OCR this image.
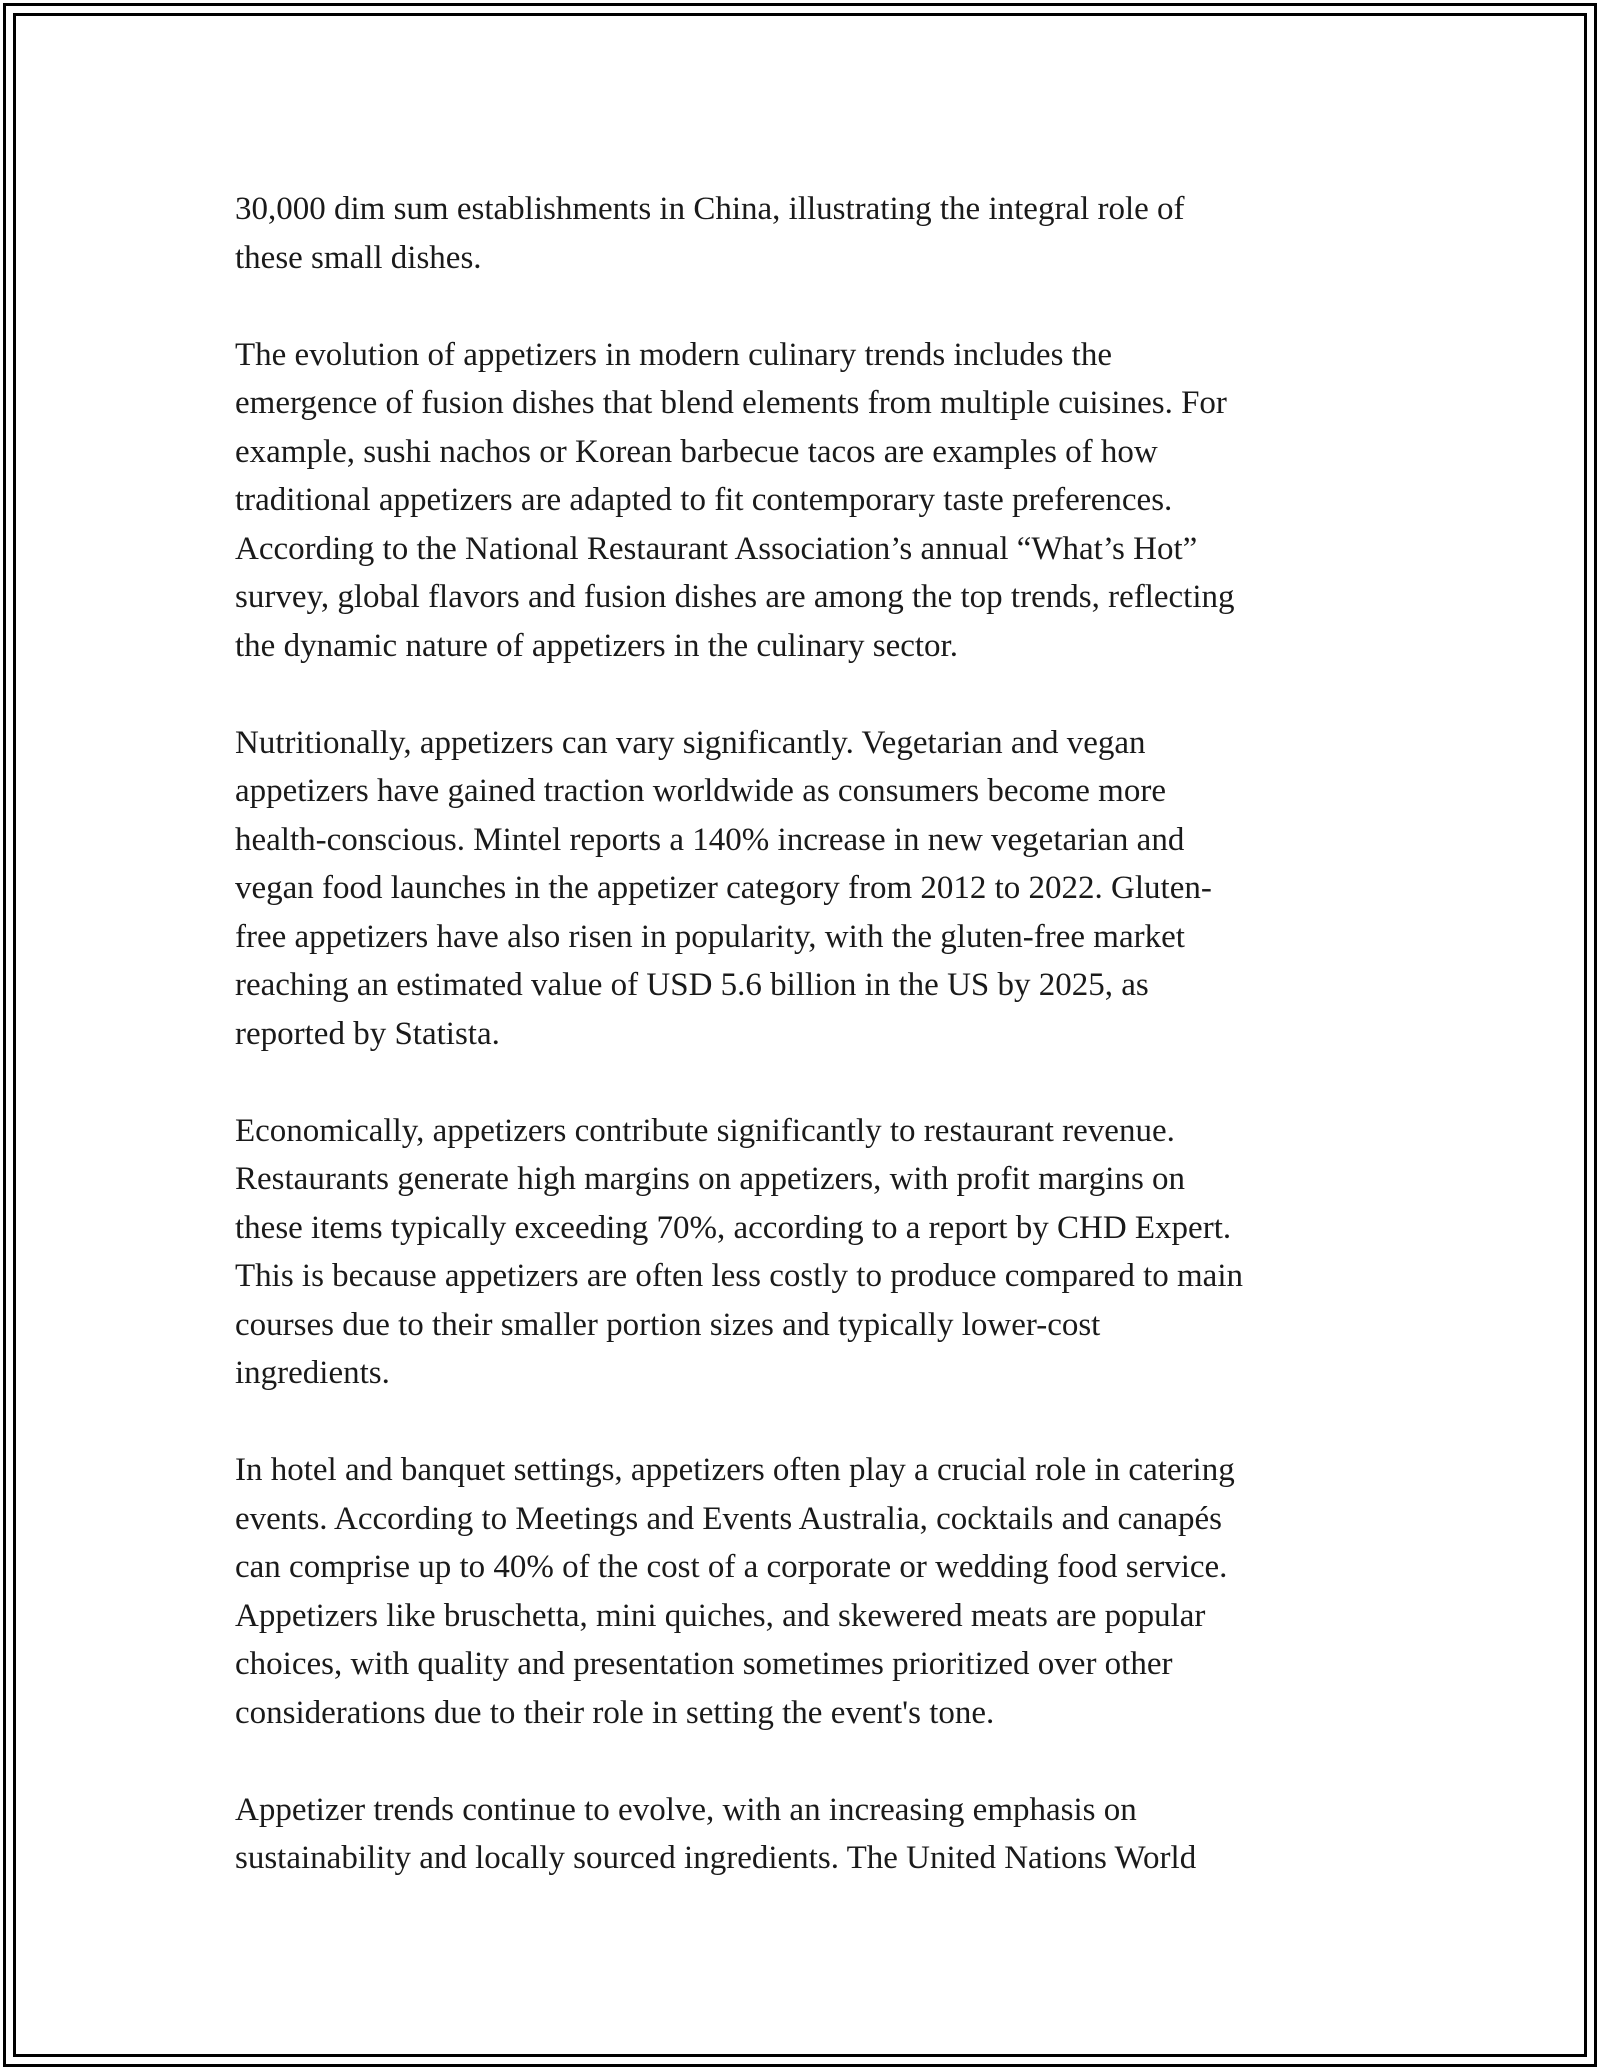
30,000 dim sum establishments in China, illustrating the integral role of
these small dishes.

The evolution of appetizers in modern culinary trends includes the
emergence of fusion dishes that blend elements from multiple cuisines. For
example, sushi nachos or Korean barbecue tacos are examples of how
traditional appetizers are adapted to fit contemporary taste preferences.
According to the National Restaurant Association’s annual “What’s Hot”
survey, global flavors and fusion dishes are among the top trends, reflecting
the dynamic nature of appetizers in the culinary sector.

Nutritionally, appetizers can vary significantly. Vegetarian and vegan
appetizers have gained traction worldwide as consumers become more
health-conscious. Mintel reports a 140% increase in new vegetarian and
vegan food launches in the appetizer category from 2012 to 2022. Gluten-
free appetizers have also risen in popularity, with the gluten-free market
reaching an estimated value of USD 5.6 billion in the US by 2025, as
reported by Statista.

Economically, appetizers contribute significantly to restaurant revenue.
Restaurants generate high margins on appetizers, with profit margins on
these items typically exceeding 70%, according to a report by CHD Expert.
This is because appetizers are often less costly to produce compared to main
courses due to their smaller portion sizes and typically lower-cost
ingredients.

In hotel and banquet settings, appetizers often play a crucial role in catering
events. According to Meetings and Events Australia, cocktails and canapés
can comprise up to 40% of the cost of a corporate or wedding food service.
Appetizers like bruschetta, mini quiches, and skewered meats are popular
choices, with quality and presentation sometimes prioritized over other
considerations due to their role in setting the event's tone.

Appetizer trends continue to evolve, with an increasing emphasis on
sustainability and locally sourced ingredients. The United Nations World
